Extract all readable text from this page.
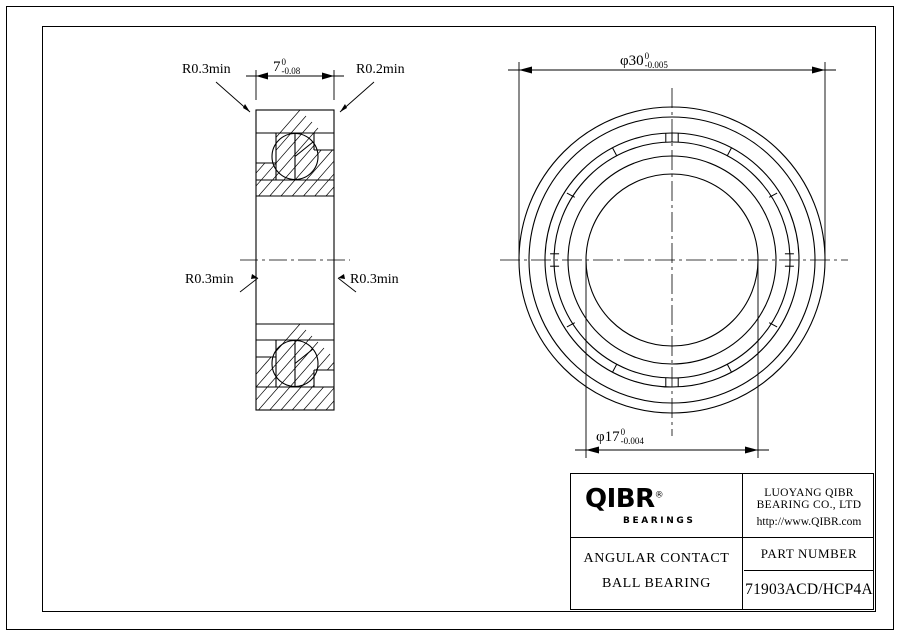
7 0
-0.08
R0.3min	R0.2min
R0.3min	R0.3min
φ30 0
-0.005
φ17 0
-0.004
QIBR®
BEARINGS
LUOYANG QIBR BEARING CO., LTD
http://www.QIBR.com
ANGULAR CONTACT
BALL BEARING
PART NUMBER
71903ACD/HCP4A
